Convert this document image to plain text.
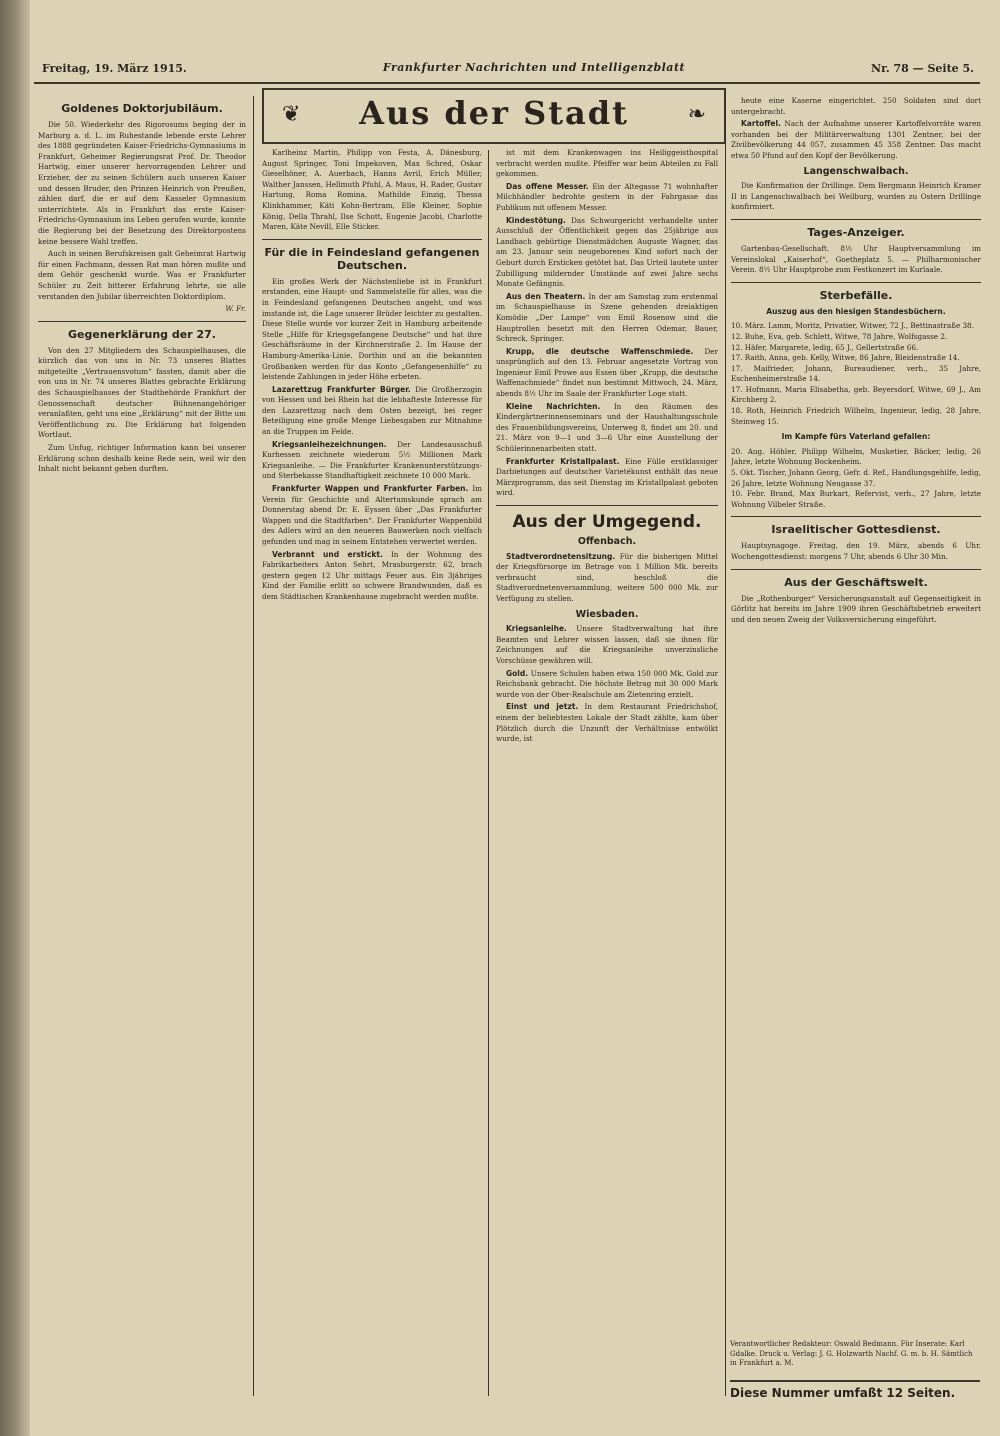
Freitag, 19. März 1915.	Frankfurter Nachrichten und Intelligenzblatt	Nr. 78 — Seite 5.
Goldenes Doktorjubiläum.

Die 50. Wiederkehr des Rigorosums beging der in Marburg a. d. L. im Ruhestande lebende erste Lehrer des 1888 gegründeten Kaiser-Friedrichs-Gymnasiums in Frankfurt, Geheimer Regierungsrat Prof. Dr. Theodor Hartwig, einer unserer hervorragenden Lehrer und Erzieher, der zu seinen Schülern auch unseren Kaiser und dessen Bruder, den Prinzen Heinrich von Preußen, zählen darf, die er auf dem Kasseler Gymnasium unterrichtete. Als in Frankfurt das erste Kaiser-Friedrichs-Gymnasium ins Leben gerufen wurde, konnte die Regierung bei der Besetzung des Direktorpostens keine bessere Wahl treffen.

Auch in seinen Berufskreisen galt Geheimrat Hartwig für einen Fachmann, dessen Rat man hören mußte und dem Gehör geschenkt wurde. Was er Frankfurter Schüler zu Zeit bitterer Erfahrung lehrte, sie alle verstanden den Jubilar überreichten Doktordiplom.

W. Fr.
Gegenerklärung der 27.

Von den 27 Mitgliedern des Schauspielhauses, die kürzlich das von uns in Nr. 73 unseres Blattes mitgeteilte „Vertrauensvotum“ fassten, damit aber die von uns in Nr. 74 unseres Blattes gebrachte Erklärung des Schauspielhauses der Stadtbehörde Frankfurt der Genossenschaft deutscher Bühnenangehöriger veranlaßten, geht uns eine „Erklärung“ mit der Bitte um Veröffentlichung zu. Die Erklärung hat folgenden Wortlaut.

Zum Unfug, richtiger Information kann bei unserer Erklärung schon deshalb keine Rede sein, weil wir den Inhalt nicht bekannt geben durften.

❦	Aus der Stadt	❧

Karlheinz Martin, Philipp von Festa, A. Dänesburg, August Springer, Toni Impekoven, Max Schred, Oskar Gieselhöner, A. Auerbach, Hanns Avril, Erich Müller, Walther Janssen, Hellmuth Pfuhl, A. Maus, H. Rader, Gustav Hartung, Roma Romina, Mathilde Einzig, Thessa Klinkhammer, Käti Kohn-Bertram, Elle Kleiner, Sophie König, Della Thrahl, Ilse Schott, Eugenie Jacobi, Charlotte Maren, Käte Nevill, Elle Sticker.

Für die in Feindesland gefangenen Deutschen.

Ein großes Werk der Nächstenliebe ist in Frankfurt erstanden, eine Haupt- und Sammelstelle für alles, was die in Feindesland gefangenen Deutschen angeht, und was imstande ist, die Lage unserer Brüder leichter zu gestalten. Diese Stelle wurde vor kurzer Zeit in Hamburg arbeitende Stelle „Hilfe für Kriegsgefangene Deutsche“ und hat ihre Geschäftsräume in der Kirchnerstraße 2. Im Hause der Hamburg-Amerika-Linie. Dorthin und an die bekannten Großbanken werden für das Konto „Gefangenenhilfe“ zu leistende Zahlungen in jeder Höhe erbeten.

Lazarettzug Frankfurter Bürger. Die Großherzogin von Hessen und bei Rhein hat die lebhafteste Interesse für den Lazarettzug nach dem Osten bezeigt, bei reger Beteiligung eine große Menge Liebesgaben zur Mitnahme an die Truppen im Felde.

Kriegsanleihezeichnungen. Der Landesausschuß Kurhessen zeichnete wiederum 5½ Millionen Mark Kriegsanleihe. — Die Frankfurter Krankenunterstützungs- und Sterbekasse Standhaftigkeit zeichnete 10 000 Mark.

Frankfurter Wappen und Frankfurter Farben. Im Verein für Geschichte und Altertumskunde sprach am Donnerstag abend Dr. E. Eyssen über „Das Frankfurter Wappen und die Stadtfarben“. Der Frankfurter Wappenbild des Adlers wird an den neueren Bauwerken noch vielfach gefunden und mag in seinem Entstehen verwertet werden.

Verbrannt und erstickt. In der Wohnung des Fabrikarbeiters Anton Sehrt, Mrasburgerstr. 62, brach gestern gegen 12 Uhr mittags Feuer aus. Ein 3jähriges Kind der Familie erlitt so schwere Brandwunden, daß es dem Städtischen Krankenhause zugebracht werden mußte.

ist mit dem Krankenwagen ins Heiliggeisthospital verbracht werden mußte. Pfeiffer war beim Abteilen zu Fall gekommen.

Das offene Messer. Ein der Altegasse 71 wohnhafter Milchhändler bedrohte gestern in der Fahrgasse das Publikum mit offenem Messer.

Kindestötung. Das Schwurgericht verhandelte unter Ausschluß der Öffentlichkeit gegen das 25jährige aus Landbach gebürtige Dienstmädchen Auguste Wagner, das am 23. Januar sein neugeborenes Kind sofort nach der Geburt durch Ersticken getötet hat. Das Urteil lautete unter Zubilligung mildernder Umstände auf zwei Jahre sechs Monate Gefängnis.

Aus den Theatern. In der am Samstag zum erstenmal im Schauspielhause in Szene gehenden dreiaktigen Komödie „Der Lampe“ von Emil Rosenow sind die Hauptrollen besetzt mit den Herren Odemar, Bauer, Schreck, Springer.

Krupp, die deutsche Waffenschmiede. Der unsprünglich auf den 13. Februar angesetzte Vortrag von Ingenieur Emil Prowe aus Essen über „Krupp, die deutsche Waffenschmiede“ findet nun bestimmt Mittwoch, 24. März, abends 8½ Uhr im Saale der Frankfurter Loge statt.

Kleine Nachrichten. In den Räumen des Kindergärtnerinnenseminars und der Haushaltungsschule des Frauenbildungsvereins, Unterweg 8, findet am 20. und 21. März von 9—1 und 3—6 Uhr eine Ausstellung der Schülerinnenarbeiten statt.

Frankfurter Kristallpalast. Eine Fülle erstklassiger Darbietungen auf deutscher Varietékunst enthält das neue Märzprogramm, das seit Dienstag im Kristallpalast geboten wird.

Aus der Umgegend.
Offenbach.

Stadtverordnetensitzung. Für die bisherigen Mittel der Kriegsfürsorge im Betrage von 1 Million Mk. bereits verbraucht sind, beschloß die Stadtverordnetenversammlung, weitere 500 000 Mk. zur Verfügung zu stellen.

Wiesbaden.

Kriegsanleihe. Unsere Stadtverwaltung hat ihre Beamten und Lehrer wissen lassen, daß sie ihnen für Zeichnungen auf die Kriegsanleihe unverzinsliche Vorschüsse gewähren will.

Gold. Unsere Schulen haben etwa 150 000 Mk. Gold zur Reichsbank gebracht. Die höchste Betrag mit 30 000 Mark wurde von der Ober-Realschule am Zietenring erzielt.

Einst und jetzt. In dem Restaurant Friedrichshof, einem der beliebtesten Lokale der Stadt zählte, kam über Plötzlich durch die Unzunft der Verhältnisse entwölkt wurde, ist

heute eine Kaserne eingerichtet. 250 Soldaten sind dort untergebracht.

Kartoffel. Nach der Aufnahme unserer Kartoffelvorräte waren vorhanden bei der Militärverwaltung 1301 Zentner, bei der Zivilbevölkerung 44 057, zusammen 45 358 Zentner. Das macht etwa 50 Pfund auf den Kopf der Bevölkerung.

Langenschwalbach.

Die Konfirmation der Drillinge. Dem Bergmann Heinrich Kramer II in Langenschwalbach bei Weilburg, wurden zu Ostern Drillinge konfirmiert.

Tages-Anzeiger.

Gartenbau-Gesellschaft. 8½ Uhr Hauptversammlung im Vereinslokal „Kaiserhof“, Goetheplatz 5. — Philharmonischer Verein. 8½ Uhr Hauptprobe zum Festkonzert im Kurlaale.

Sterbefälle.
Auszug aus den hiesigen Standesbüchern.
10. März. Lamm, Moritz, Privatier, Witwer, 72 J., Bettinastraße 38.
12. Buhe, Eva, geb. Schlett, Witwe, 78 Jahre, Wolfsgasse 2.
12. Häfer, Margarete, ledig, 65 J., Gellertstraße 66.
17. Raith, Anna, geb. Kelly, Witwe, 86 Jahre, Bleidenstraße 14.
17. Maifrieder, Johann, Bureaudiener, verh., 35 Jahre, Eschenheimerstraße 14.
17. Hofmann, Maria Elisabetha, geb. Beyersdorf, Witwe, 69 J., Am Kirchberg 2.
18. Roth, Heinrich Friedrich Wilhelm, Ingenieur, ledig, 28 Jahre, Steinweg 15.
Im Kampfe fürs Vaterland gefallen:
20. Aug. Höhler, Philipp Wilhelm, Musketier, Bäcker, ledig, 26 Jahre, letzte Wohnung Bockenheim.
5. Okt. Tischer, Johann Georg, Gefr. d. Ref., Handlungsgehilfe, ledig, 26 Jahre, letzte Wohnung Neugasse 37.
10. Febr. Brand, Max Burkart, Refervist, verh., 27 Jahre, letzte Wohnung Vilbeler Straße.
Israelitischer Gottesdienst.

Hauptsynagoge. Freitag, den 19. März, abends 6 Uhr. Wochengottesdienst: morgens 7 Uhr, abends 6 Uhr 30 Min.

Aus der Geschäftswelt.

Die „Rothenburger“ Versicherungsanstalt auf Gegenseitigkeit in Görlitz hat bereits im Jahre 1909 ihren Geschäftsbetrieb erweitert und den neuen Zweig der Volksversicherung eingeführt.

Verantwortlicher Redakteur: Oswald Bedmann. Für Inserate: Karl Gdalke. Druck u. Verlag: J. G. Holzwarth Nachf. G. m. b. H. Sämtlich in Frankfurt a. M.
Diese Nummer umfaßt 12 Seiten.
